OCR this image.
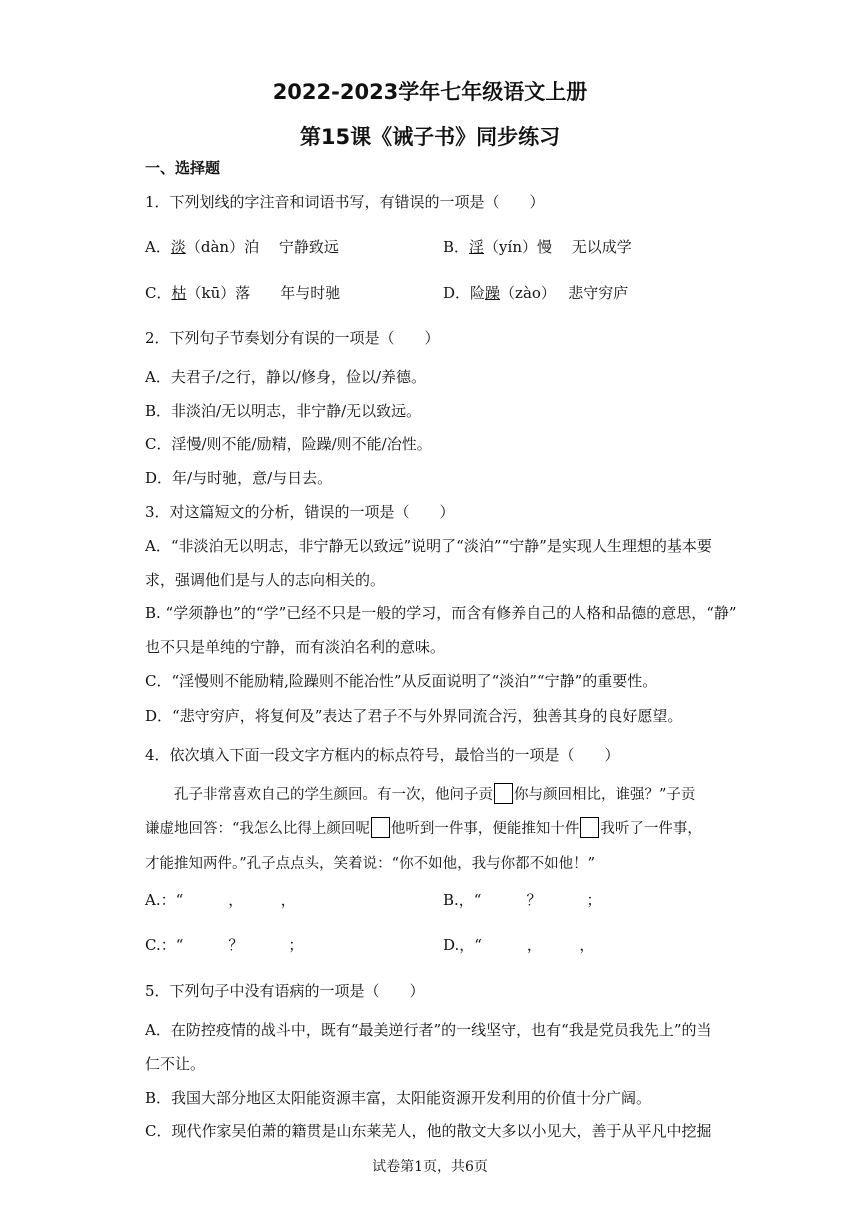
2022-2023学年七年级语文上册
第15课《诫子书》同步练习
一、选择题
1．下列划线的字注音和词语书写，有错误的一项是（　　）
A．淡（dàn）泊　 宁静致远	B．淫（yín）慢　 无以成学
C．枯（kū）落　　年与时驰	D．险躁（zào）　 悲守穷庐
2．下列句子节奏划分有误的一项是（　　）
A．夫君子/之行，静以/修身，俭以/养德。
B．非淡泊/无以明志，非宁静/无以致远。
C．淫慢/则不能/励精，险躁/则不能/冶性。
D．年/与时驰，意/与日去。
3．对这篇短文的分析，错误的一项是（　　）
A．“非淡泊无以明志，非宁静无以致远”说明了“淡泊”“宁静”是实现人生理想的基本要
求，强调他们是与人的志向相关的。
B. “学须静也”的“学”已经不只是一般的学习，而含有修养自己的人格和品德的意思，“静”
也不只是单纯的宁静，而有淡泊名利的意味。
C．“淫慢则不能励精,险躁则不能冶性”从反面说明了“淡泊”“宁静”的重要性。
D．“悲守穷庐，将复何及”表达了君子不与外界同流合污，独善其身的良好愿望。
4．依次填入下面一段文字方框内的标点符号，最恰当的一项是（　　）
孔子非常喜欢自己的学生颜回。有一次，他问子贡 你与颜回相比，谁强？”子贡
谦虚地回答：“我怎么比得上颜回呢 他听到一件事，便能推知十件 我听了一件事，
才能推知两件。”孔子点点头，笑着说：“你不如他，我与你都不如他！”
A.：“　　　，　　　，	B.，“　　　？　　　；
C.：“　　　？　　　；	D.，“　　　，　　　，
5．下列句子中没有语病的一项是（　　）
A．在防控疫情的战斗中，既有“最美逆行者”的一线坚守，也有“我是党员我先上”的当
仁不让。
B．我国大部分地区太阳能资源丰富，太阳能资源开发利用的价值十分广阔。
C．现代作家吴伯萧的籍贯是山东莱芜人，他的散文大多以小见大，善于从平凡中挖掘
试卷第1页，共6页
